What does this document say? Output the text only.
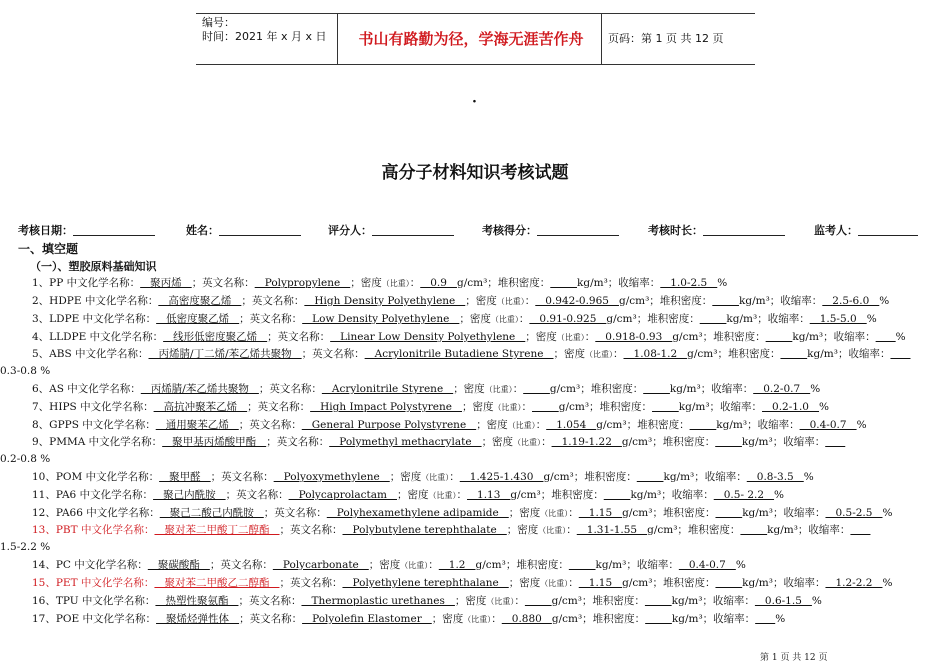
编号：
时间：2021 年 x 月 x 日	书山有路勤为径，学海无涯苦作舟	页码：第 1 页 共 12 页
·
高分子材料知识考核试题
考核日期：	姓名：	评分人：	考核得分：	考核时长：	监考人：
一、填空题
（一）、塑胶原料基础知识
1、PP 中文化学名称：   聚丙烯   ；英文名称：   Polypropylene   ；密度（比重）：   0.9   g/cm³；堆积密度：	kg/m³；收缩率：   1.0-2.5   %
2、HDPE 中文化学名称：   高密度聚乙烯   ；英文名称：   High Density Polyethylene   ；密度（比重）：   0.942-0.965   g/cm³；堆积密度：	kg/m³；收缩率：   2.5-6.0   %
3、LDPE 中文化学名称：   低密度聚乙烯   ；英文名称：   Low Density Polyethylene   ；密度（比重）：   0.91-0.925   g/cm³；堆积密度：	kg/m³；收缩率：   1.5-5.0   %
4、LLDPE 中文化学名称：   线形低密度聚乙烯   ；英文名称：   Linear Low Density Polyethylene   ；密度（比重）：   0.918-0.93   g/cm³；堆积密度：	kg/m³；收缩率： %
5、ABS 中文化学名称：   丙烯腈/丁二烯/苯乙烯共聚物   ；英文名称：   Acrylonitrile Butadiene Styrene   ；密度（比重）：   1.08-1.2   g/cm³；堆积密度：	kg/m³；收缩率：
0.3-0.8 %
6、AS 中文化学名称：   丙烯腈/苯乙烯共聚物   ；英文名称：   Acrylonitrile Styrene   ；密度（比重）：	g/cm³；堆积密度：	kg/m³；收缩率：   0.2-0.7   %
7、HIPS 中文化学名称：   高抗冲聚苯乙烯   ；英文名称：   High Impact Polystyrene   ；密度（比重）：	g/cm³；堆积密度：	kg/m³；收缩率：   0.2-1.0   %
8、GPPS 中文化学名称：   通用聚苯乙烯   ；英文名称：   General Purpose Polystyrene   ；密度（比重）：   1.054   g/cm³；堆积密度：	kg/m³；收缩率：   0.4-0.7   %
9、PMMA 中文化学名称：   聚甲基丙烯酸甲酯   ；英文名称：   Polymethyl methacrylate   ；密度（比重）：   1.19-1.22   g/cm³；堆积密度：	kg/m³；收缩率：
0.2-0.8 %
10、POM 中文化学名称：   聚甲醛   ；英文名称：   Polyoxymethylene   ；密度（比重）：   1.425-1.430   g/cm³；堆积密度：	kg/m³；收缩率：   0.8-3.5   %
11、PA6 中文化学名称：   聚己内酰胺   ；英文名称：   Polycaprolactam   ；密度（比重）：   1.13   g/cm³；堆积密度：	kg/m³；收缩率：   0.5- 2.2   %
12、PA66 中文化学名称：   聚己二酸己内酰胺   ；英文名称：   Polyhexamethylene adipamide   ；密度（比重）：   1.15   g/cm³；堆积密度：	kg/m³；收缩率：   0.5-2.5   %
13、PBT 中文化学名称：   聚对苯二甲酸丁二醇酯   ；英文名称：   Polybutylene terephthalate   ；密度（比重）：   1.31-1.55   g/cm³；堆积密度：	kg/m³；收缩率：
1.5-2.2 %
14、PC 中文化学名称：   聚碳酸酯   ；英文名称：   Polycarbonate   ；密度（比重）：   1.2   g/cm³；堆积密度：	kg/m³；收缩率：   0.4-0.7   %
15、PET 中文化学名称：   聚对苯二甲酸乙二醇酯   ；英文名称：   Polyethylene terephthalane   ；密度（比重）：   1.15   g/cm³；堆积密度：	kg/m³；收缩率：   1.2-2.2   %
16、TPU 中文化学名称：   热塑性聚氨酯   ；英文名称：   Thermoplastic urethanes   ；密度（比重）：	g/cm³；堆积密度：	kg/m³；收缩率：   0.6-1.5   %
17、POE 中文化学名称：   聚烯烃弹性体   ；英文名称：   Polyolefin Elastomer   ；密度（比重）：   0.880   g/cm³；堆积密度：	kg/m³；收缩率： %
第 1 页 共 12 页
